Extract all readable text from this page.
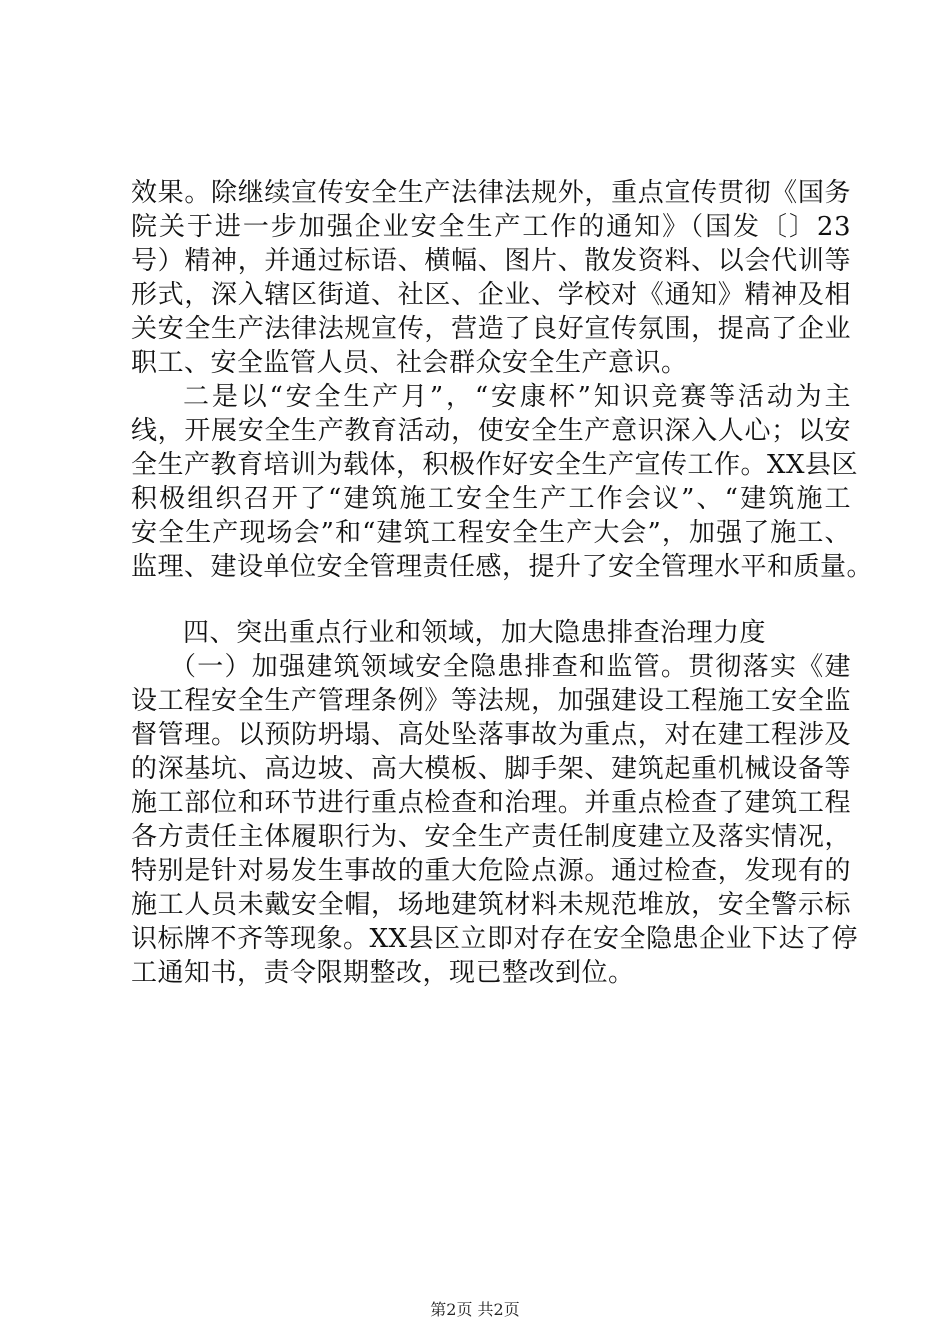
效果。除继续宣传安全生产法律法规外，重点宣传贯彻《国务
院关于进一步加强企业安全生产工作的通知》（国发〔〕23
号）精神，并通过标语、横幅、图片、散发资料、以会代训等
形式，深入辖区街道、社区、企业、学校对《通知》精神及相
关安全生产法律法规宣传，营造了良好宣传氛围，提高了企业
职工、安全监管人员、社会群众安全生产意识。
二是以“安全生产月”，“安康杯”知识竞赛等活动为主
线，开展安全生产教育活动，使安全生产意识深入人心；以安
全生产教育培训为载体，积极作好安全生产宣传工作。XX县区
积极组织召开了“建筑施工安全生产工作会议”、“建筑施工
安全生产现场会”和“建筑工程安全生产大会”，加强了施工、
监理、建设单位安全管理责任感，提升了安全管理水平和质量。
四、突出重点行业和领域，加大隐患排查治理力度
（一）加强建筑领域安全隐患排查和监管。贯彻落实《建
设工程安全生产管理条例》等法规，加强建设工程施工安全监
督管理。以预防坍塌、高处坠落事故为重点，对在建工程涉及
的深基坑、高边坡、高大模板、脚手架、建筑起重机械设备等
施工部位和环节进行重点检查和治理。并重点检查了建筑工程
各方责任主体履职行为、安全生产责任制度建立及落实情况，
特别是针对易发生事故的重大危险点源。通过检查，发现有的
施工人员未戴安全帽，场地建筑材料未规范堆放，安全警示标
识标牌不齐等现象。XX县区立即对存在安全隐患企业下达了停
工通知书，责令限期整改，现已整改到位。
第2页 共2页
